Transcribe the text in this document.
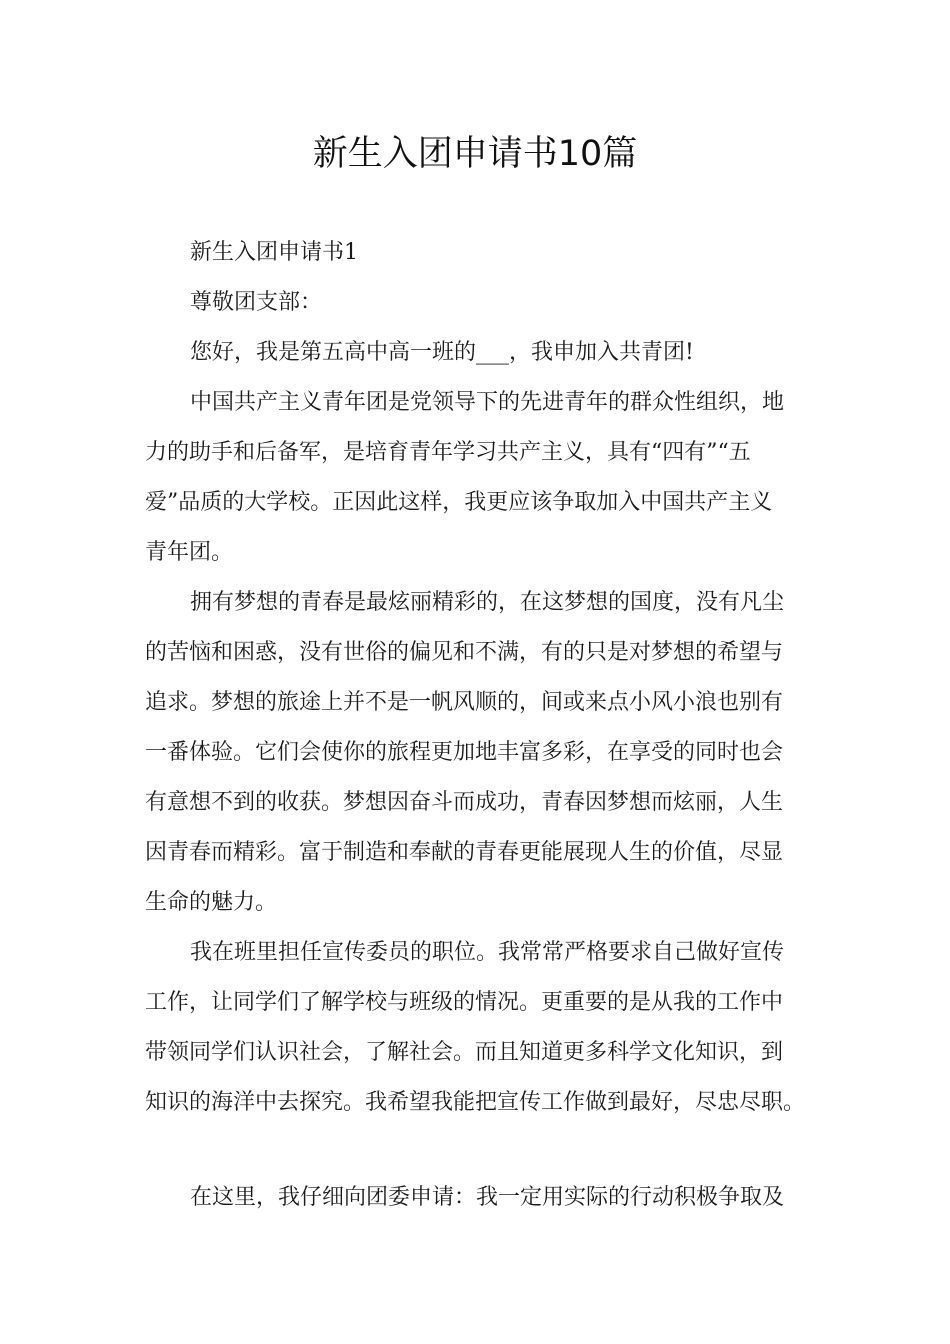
新生入团申请书10篇
新生入团申请书1
尊敬团支部：
您好，我是第五高中高一班的___，我申加入共青团!
中国共产主义青年团是党领导下的先进青年的群众性组织，地
力的助手和后备军，是培育青年学习共产主义，具有“四有”“五
爱”品质的大学校。正因此这样，我更应该争取加入中国共产主义
青年团。
拥有梦想的青春是最炫丽精彩的，在这梦想的国度，没有凡尘
的苦恼和困惑，没有世俗的偏见和不满，有的只是对梦想的希望与
追求。梦想的旅途上并不是一帆风顺的，间或来点小风小浪也别有
一番体验。它们会使你的旅程更加地丰富多彩，在享受的同时也会
有意想不到的收获。梦想因奋斗而成功，青春因梦想而炫丽，人生
因青春而精彩。富于制造和奉献的青春更能展现人生的价值，尽显
生命的魅力。
我在班里担任宣传委员的职位。我常常严格要求自己做好宣传
工作，让同学们了解学校与班级的情况。更重要的是从我的工作中
带领同学们认识社会，了解社会。而且知道更多科学文化知识，到
知识的海洋中去探究。我希望我能把宣传工作做到最好，尽忠尽职。
在这里，我仔细向团委申请：我一定用实际的行动积极争取及
